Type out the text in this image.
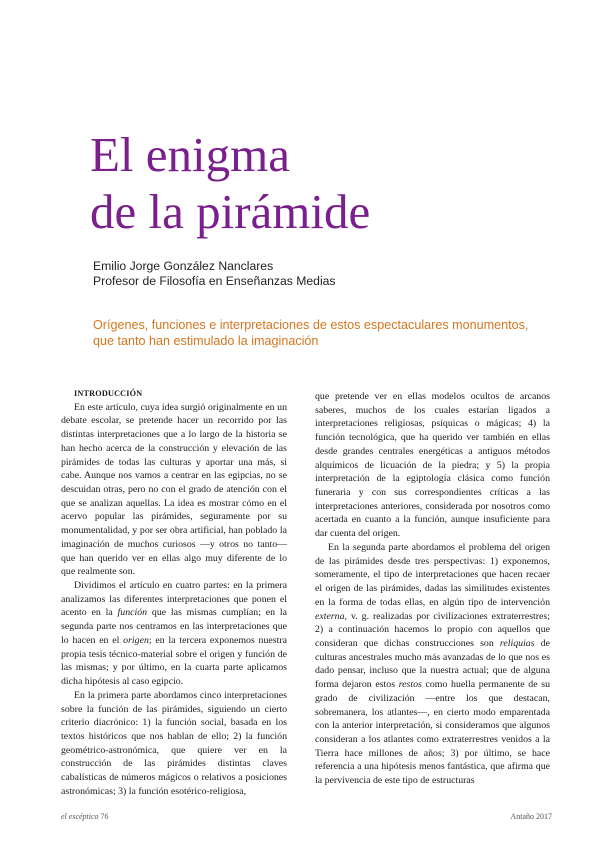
El enigma
de la pirámide
Emilio Jorge González Nanclares
Profesor de Filosofía en Enseñanzas Medias
Orígenes, funciones e interpretaciones de estos espectaculares monumentos, que tanto han estimulado la imaginación
INTRODUCCIÓN

En este artículo, cuya idea surgió originalmente en un debate escolar, se pretende hacer un recorrido por las distintas interpretaciones que a lo largo de la historia se han hecho acerca de la construcción y elevación de las pirámides de todas las culturas y aportar una más, si cabe. Aunque nos vamos a centrar en las egipcias, no se descuidan otras, pero no con el grado de atención con el que se analizan aquellas. La idea es mostrar cómo en el acervo popular las pirámides, seguramente por su monumentalidad, y por ser obra artificial, han poblado la imaginación de muchos curiosos —y otros no tanto— que han querido ver en ellas algo muy diferente de lo que realmente son.

Dividimos el artículo en cuatro partes: en la primera analizamos las diferentes interpretaciones que ponen el acento en la función que las mismas cumplían; en la segunda parte nos centramos en las interpretaciones que lo hacen en el origen; en la tercera exponemos nuestra propia tesis técnico-material sobre el origen y función de las mismas; y por último, en la cuarta parte aplicamos dicha hipótesis al caso egipcio.

En la primera parte abordamos cinco interpretaciones sobre la función de las pirámides, siguiendo un cierto criterio diacrónico: 1) la función social, basada en los textos históricos que nos hablan de ello; 2) la función geométrico-astronómica, que quiere ver en la construcción de las pirámides distintas claves cabalísticas de números mágicos o relativos a posiciones astronómicas; 3) la función esotérico-religiosa,

que pretende ver en ellas modelos ocultos de arcanos saberes, muchos de los cuales estarían ligados a interpretaciones religiosas, psíquicas o mágicas; 4) la función tecnológica, que ha querido ver también en ellas desde grandes centrales energéticas a antiguos métodos alquímicos de licuación de la piedra; y 5) la propia interpretación de la egiptología clásica como función funeraria y con sus correspondientes críticas a las interpretaciones anteriores, considerada por nosotros como acertada en cuanto a la función, aunque insuficiente para dar cuenta del origen.

En la segunda parte abordamos el problema del origen de las pirámides desde tres perspectivas: 1) exponemos, someramente, el tipo de interpretaciones que hacen recaer el origen de las pirámides, dadas las similitudes existentes en la forma de todas ellas, en algún tipo de intervención externa, v. g. realizadas por civilizaciones extraterrestres; 2) a continuación hacemos lo propio con aquellos que consideran que dichas construcciones son reliquias de culturas ancestrales mucho más avanzadas de lo que nos es dado pensar, incluso que la nuestra actual; que de alguna forma dejaron estos restos como huella permanente de su grado de civilización —entre los que destacan, sobremanera, los atlantes—, en cierto modo emparentada con la anterior interpretación, si consideramos que algunos consideran a los atlantes como extraterrestres venidos a la Tierra hace millones de años; 3) por último, se hace referencia a una hipótesis menos fantástica, que afirma que la pervivencia de este tipo de estructuras

el escéptico 76	Antaño 2017
